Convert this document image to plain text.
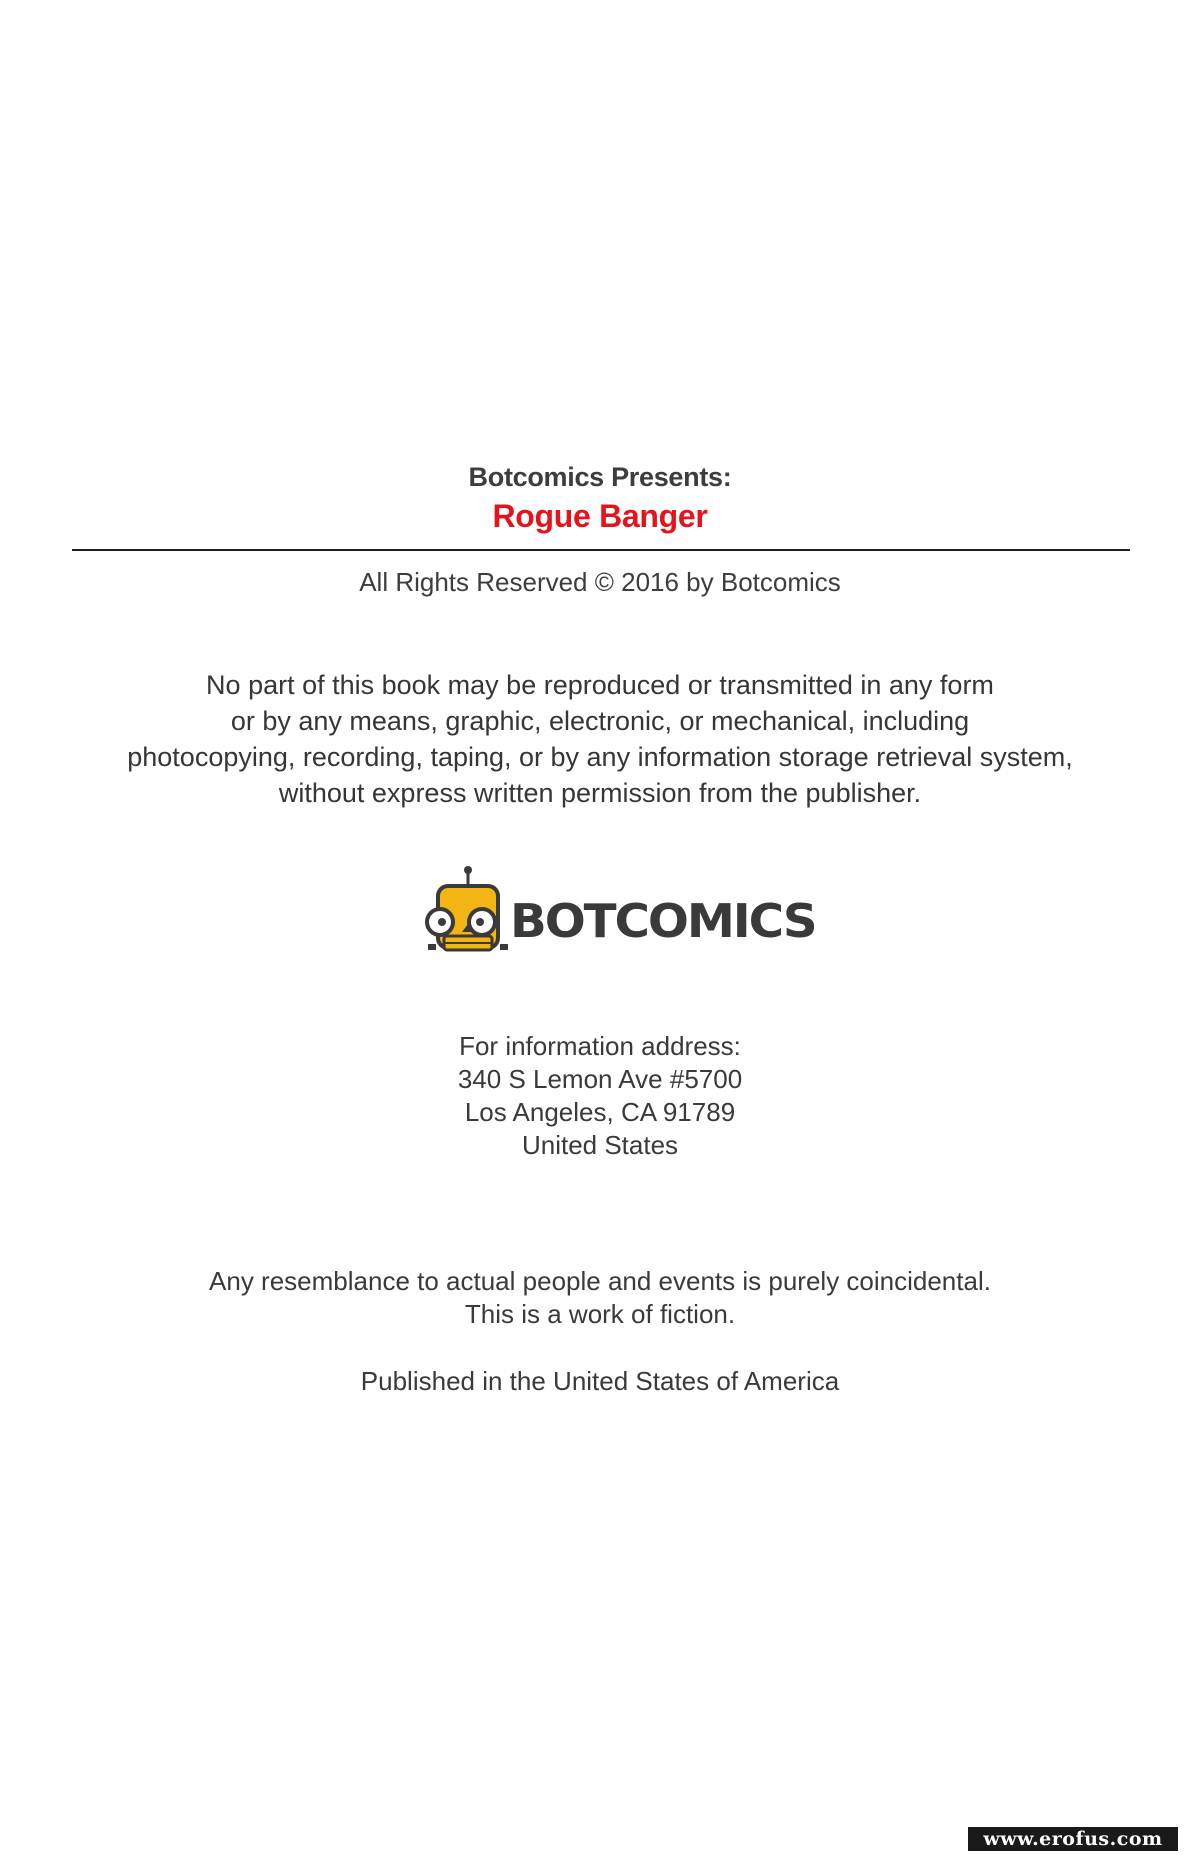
Botcomics Presents:
Rogue Banger
All Rights Reserved © 2016 by Botcomics
No part of this book may be reproduced or transmitted in any form
or by any means, graphic, electronic, or mechanical, including
photocopying, recording, taping, or by any information storage retrieval system,
without express written permission from the publisher.
BOTCOMICS
For information address:
340 S Lemon Ave #5700
Los Angeles, CA 91789
United States
Any resemblance to actual people and events is purely coincidental.
This is a work of fiction.
Published in the United States of America
www.erofus.com
